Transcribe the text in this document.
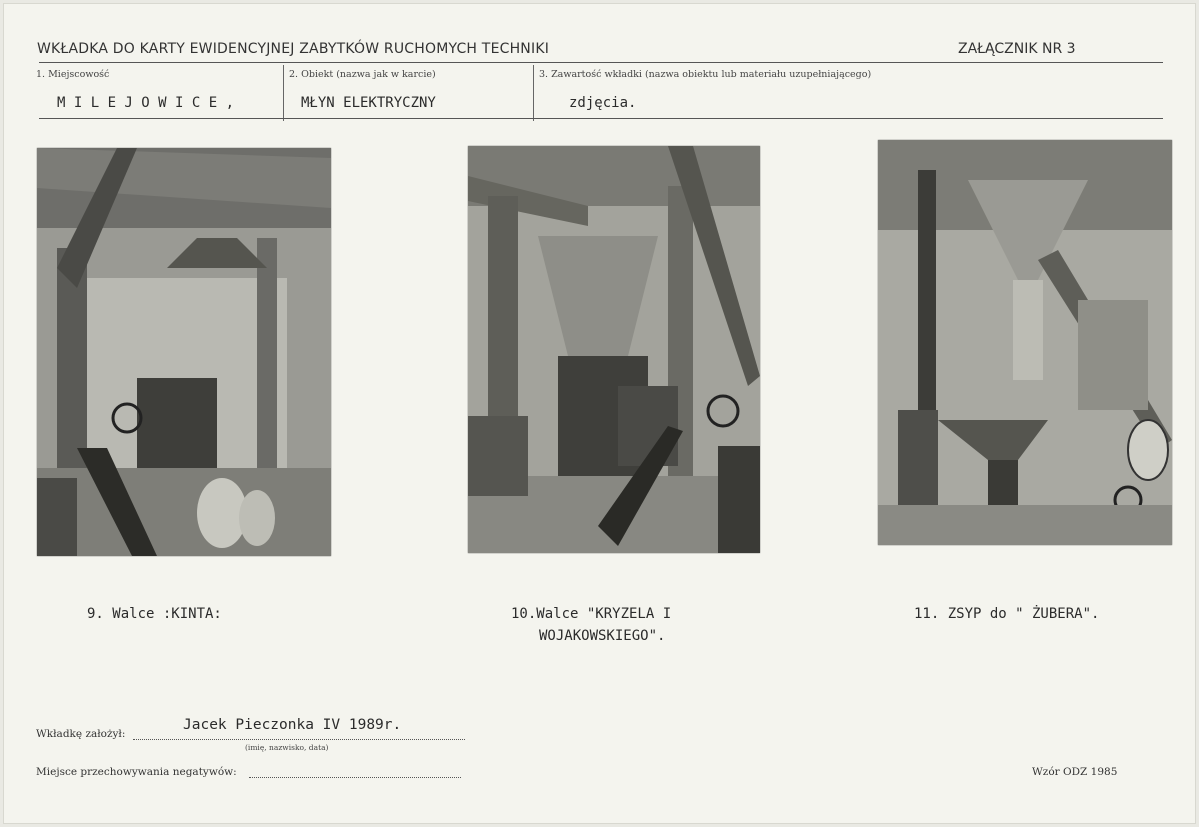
WKŁADKA DO KARTY EWIDENCYJNEJ ZABYTKÓW RUCHOMYCH TECHNIKI	ZAŁĄCZNIK NR 3
1. Miejscowość
M I L E J O W I C E ,
2. Obiekt (nazwa jak w karcie)
MŁYN ELEKTRYCZNY
3. Zawartość wkładki (nazwa obiektu lub materiału uzupełniającego)
zdjęcia.
9. Walce :KINTA:	10.Walce "KRYZELA I
WOJAKOWSKIEGO".
11. ZSYP do " ŻUBERA".
Wkładkę założył:
Jacek Pieczonka IV 1989r.
(imię, nazwisko, data)
Miejsce przechowywania negatywów:	Wzór ODZ 1985
